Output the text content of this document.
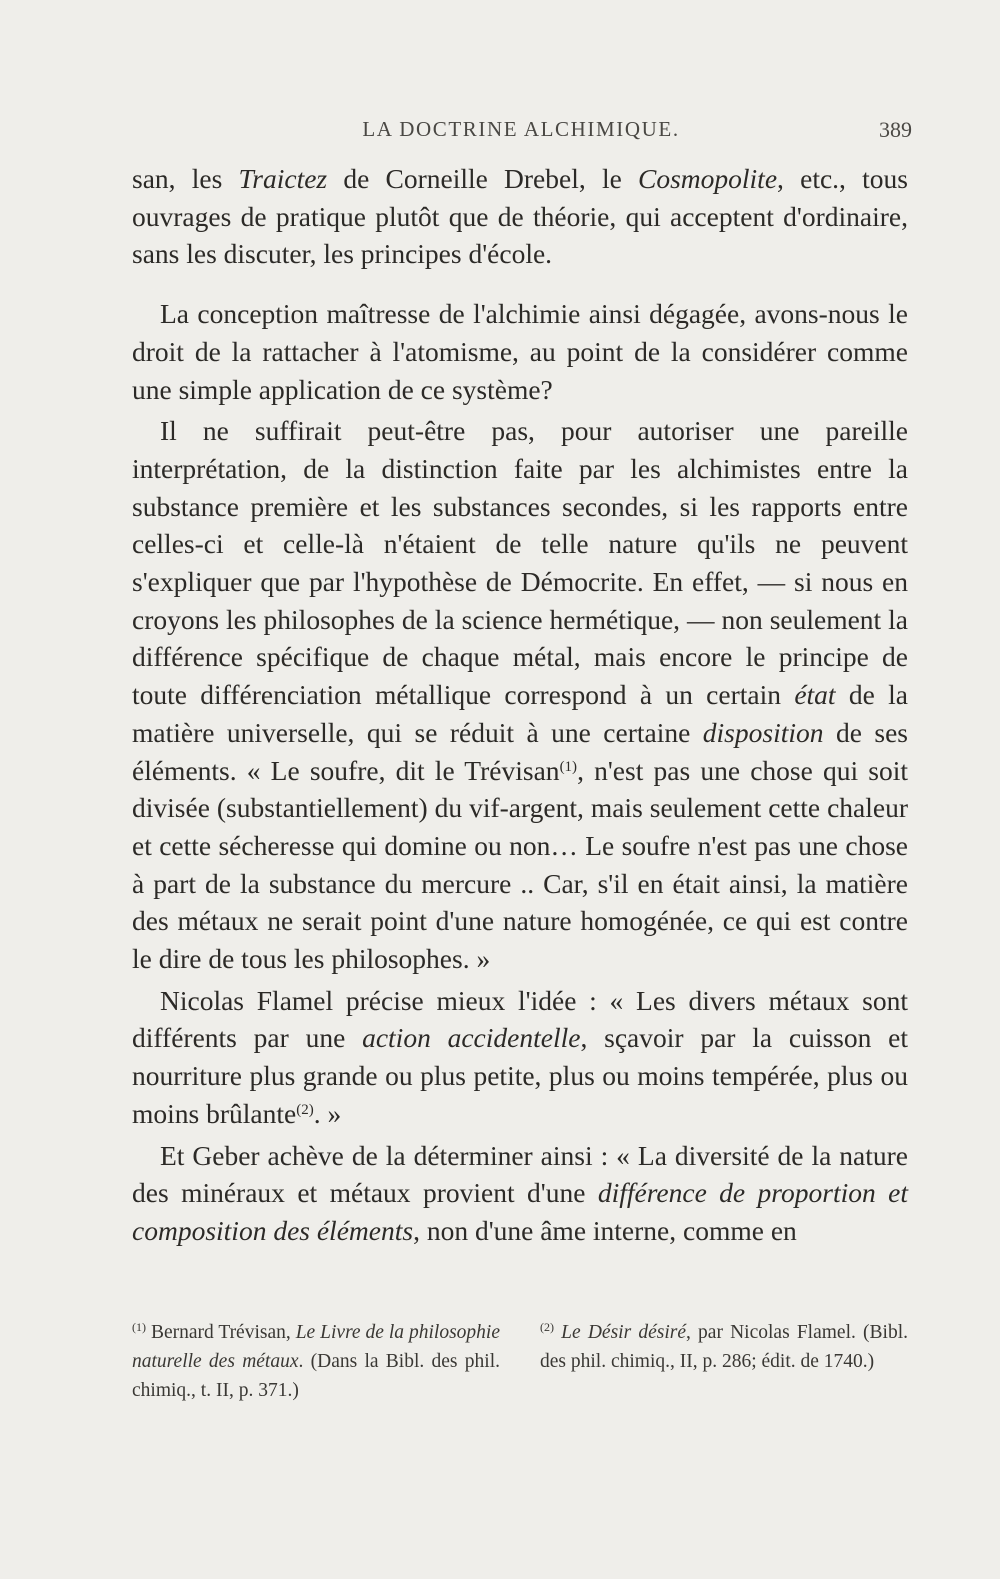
LA DOCTRINE ALCHIMIQUE.	389

san, les Traictez de Corneille Drebel, le Cosmopolite, etc., tous ouvrages de pratique plutôt que de théorie, qui acceptent d'ordinaire, sans les discuter, les principes d'école.

La conception maîtresse de l'alchimie ainsi dégagée, avons-nous le droit de la rattacher à l'atomisme, au point de la considérer comme une simple application de ce système?

Il ne suffirait peut-être pas, pour autoriser une pareille interprétation, de la distinction faite par les alchimistes entre la substance première et les substances secondes, si les rapports entre celles-ci et celle-là n'étaient de telle nature qu'ils ne peuvent s'expliquer que par l'hypothèse de Démocrite. En effet, — si nous en croyons les philosophes de la science hermétique, — non seulement la différence spécifique de chaque métal, mais encore le principe de toute différenciation métallique correspond à un certain état de la matière universelle, qui se réduit à une certaine disposition de ses éléments. « Le soufre, dit le Trévisan$^{(1)}$, n'est pas une chose qui soit divisée (substantiellement) du vif-argent, mais seulement cette chaleur et cette sécheresse qui domine ou non… Le soufre n'est pas une chose à part de la substance du mercure .. Car, s'il en était ainsi, la matière des métaux ne serait point d'une nature homogénée, ce qui est contre le dire de tous les philosophes. »

Nicolas Flamel précise mieux l'idée : « Les divers métaux sont différents par une action accidentelle, sçavoir par la cuisson et nourriture plus grande ou plus petite, plus ou moins tempérée, plus ou moins brûlante$^{(2)}$. »

Et Geber achève de la déterminer ainsi : « La diversité de la nature des minéraux et métaux provient d'une différence de proportion et composition des éléments, non d'une âme interne, comme en

$^{(1)}$ Bernard Trévisan, Le Livre de la philosophie naturelle des métaux. (Dans la Bibl. des phil. chimiq., t. II, p. 371.)
$^{(2)}$ Le Désir désiré, par Nicolas Flamel. (Bibl. des phil. chimiq., II, p. 286; édit. de 1740.)
